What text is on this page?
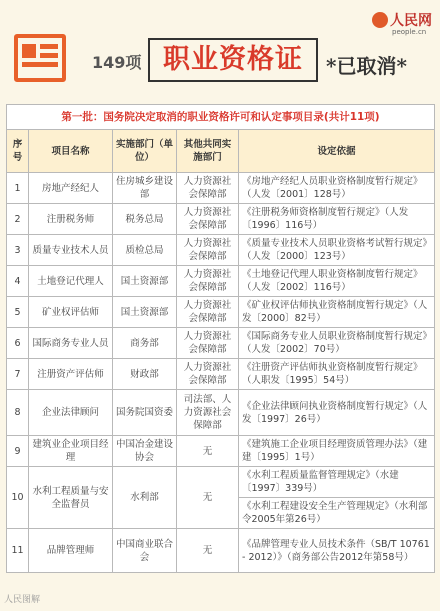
149项 职业资格证	*已取消*
人民网
people.cn
第一批：国务院决定取消的职业资格许可和认定事项目录(共计11项)				
序号	项目名称	实施部门（单位）	其他共同实施部门	设定依据
1	房地产经纪人	住房城乡建设部	人力资源社会保障部	《房地产经纪人员职业资格制度暂行规定》（人发〔2001〕128号）
2	注册税务师	税务总局	人力资源社会保障部	《注册税务师资格制度暂行规定》（人发〔1996〕116号）
3	质量专业技术人员	质检总局	人力资源社会保障部	《质量专业技术人员职业资格考试暂行规定》（人发〔2000〕123号）
4	土地登记代理人	国土资源部	人力资源社会保障部	《土地登记代理人职业资格制度暂行规定》（人发〔2002〕116号）
5	矿业权评估师	国土资源部	人力资源社会保障部	《矿业权评估师执业资格制度暂行规定》（人发〔2000〕82号）
6	国际商务专业人员	商务部	人力资源社会保障部	《国际商务专业人员职业资格制度暂行规定》（人发〔2002〕70号）
7	注册资产评估师	财政部	人力资源社会保障部	《注册资产评估师执业资格制度暂行规定》（人职发〔1995〕54号）
8	企业法律顾问	国务院国资委	司法部、人力资源社会保障部	《企业法律顾问执业资格制度暂行规定》（人发〔1997〕26号）
9	建筑业企业项目经理	中国冶金建设协会	无	《建筑施工企业项目经理资质管理办法》（建建〔1995〕1号）
10	水利工程质量与安全监督员	水利部	无	《水利工程质量监督管理规定》（水建〔1997〕339号）
				《水利工程建设安全生产管理规定》（水利部令2005年第26号）
11	品牌管理师	中国商业联合会	无	《品牌管理专业人员技术条件（SB/T 10761 - 2012）》（商务部公告2012年第58号）
人民图解
